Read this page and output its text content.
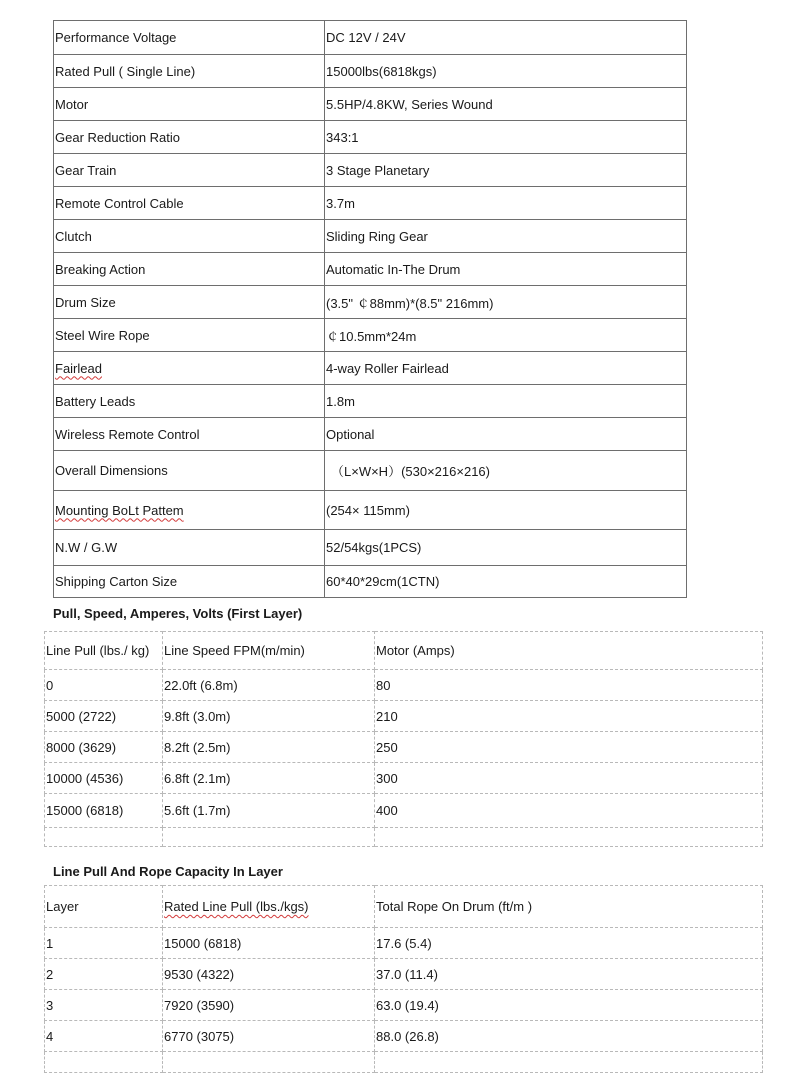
Performance Voltage	DC 12V / 24V
Rated Pull ( Single Line)	15000lbs(6818kgs)
Motor	5.5HP/4.8KW, Series Wound
Gear Reduction Ratio	343:1
Gear Train	3 Stage Planetary
Remote Control Cable	3.7m
Clutch	Sliding Ring Gear
Breaking Action	Automatic In-The Drum
Drum Size	(3.5" ￠88mm)*(8.5" 216mm)
Steel Wire Rope	￠10.5mm*24m
Fairlead	4-way Roller Fairlead
Battery Leads	1.8m
Wireless Remote Control	Optional
Overall Dimensions	（L×W×H）(530×216×216)
Mounting BoLt Pattem	(254× 115mm)
N.W / G.W	52/54kgs(1PCS)
Shipping Carton Size	60*40*29cm(1CTN)
Pull, Speed, Amperes, Volts (First Layer)
Line Pull (lbs./ kg)	Line Speed FPM(m/min)	Motor (Amps)
0	22.0ft (6.8m)	80
5000 (2722)	9.8ft (3.0m)	210
8000 (3629)	8.2ft (2.5m)	250
10000 (4536)	6.8ft (2.1m)	300
15000 (6818)	5.6ft (1.7m)	400

Line Pull And Rope Capacity In Layer
Layer	Rated Line Pull (lbs./kgs)	Total Rope On Drum (ft/m )
1	15000 (6818)	17.6 (5.4)
2	9530 (4322)	37.0 (11.4)
3	7920 (3590)	63.0 (19.4)
4	6770 (3075)	88.0 (26.8)
